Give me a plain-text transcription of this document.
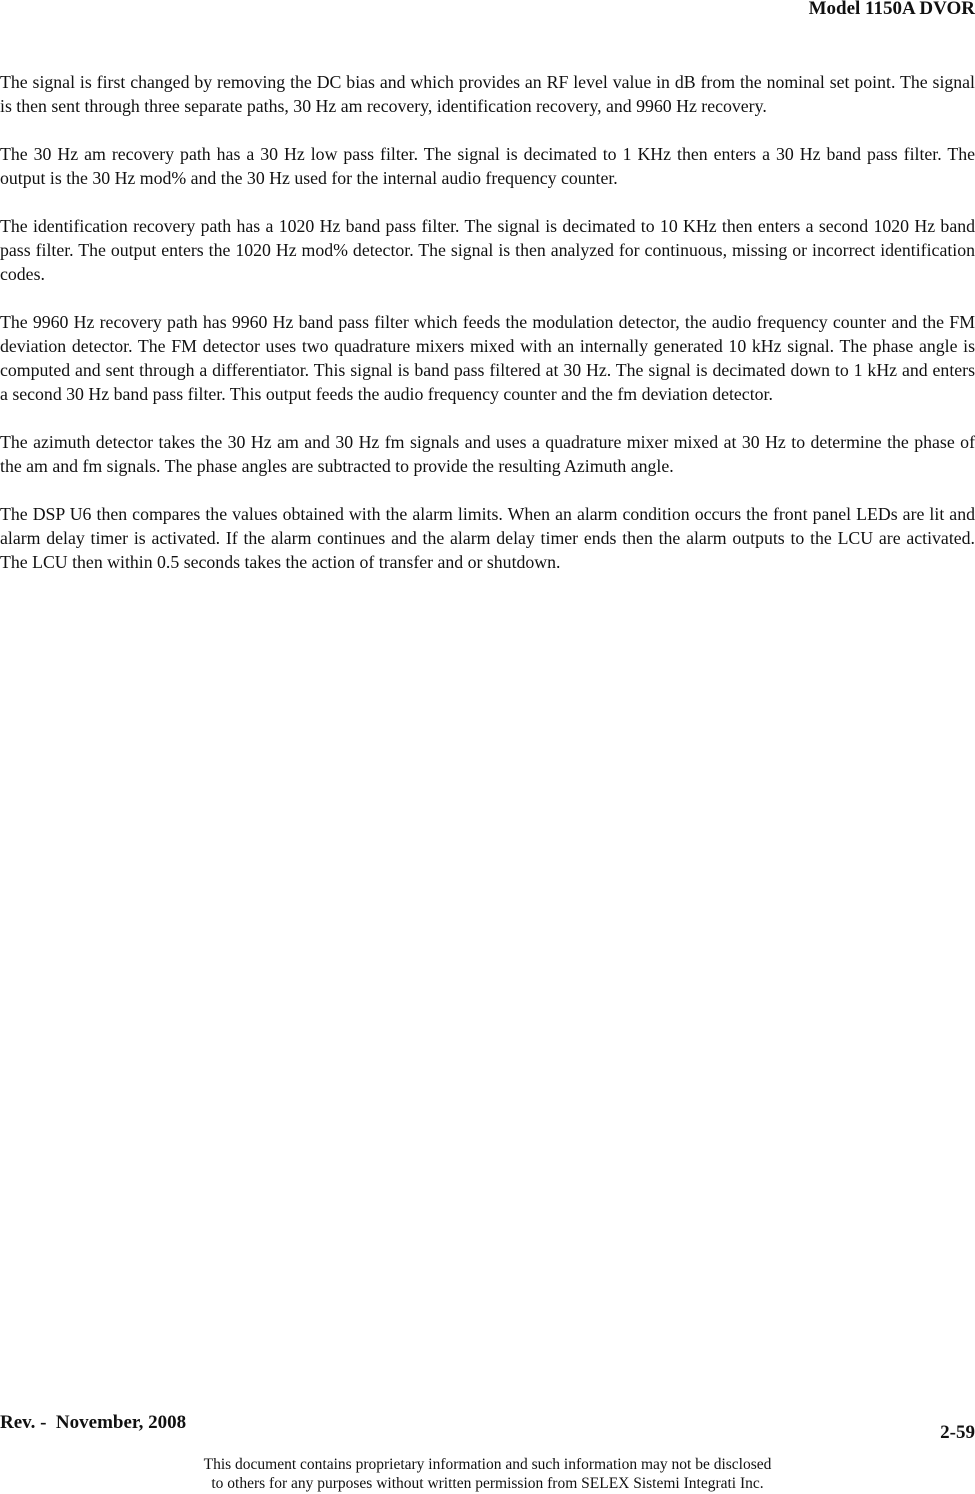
Model 1150A DVOR

The signal is first changed by removing the DC bias and which provides an RF level value in dB from the nominal set point. The signal is then sent through three separate paths, 30 Hz am recovery, identification recovery, and 9960 Hz recovery.

The 30 Hz am recovery path has a 30 Hz low pass filter. The signal is decimated to 1 KHz then enters a 30 Hz band pass filter. The output is the 30 Hz mod% and the 30 Hz used for the internal audio frequency counter.

The identification recovery path has a 1020 Hz band pass filter. The signal is decimated to 10 KHz then enters a second 1020 Hz band pass filter. The output enters the 1020 Hz mod% detector. The signal is then analyzed for continuous, missing or incorrect identification codes.

The 9960 Hz recovery path has 9960 Hz band pass filter which feeds the modulation detector, the audio frequency counter and the FM deviation detector. The FM detector uses two quadrature mixers mixed with an internally generated 10 kHz signal. The phase angle is computed and sent through a differentiator. This signal is band pass filtered at 30 Hz. The signal is decimated down to 1 kHz and enters a second 30 Hz band pass filter. This output feeds the audio frequency counter and the fm deviation detector.

The azimuth detector takes the 30 Hz am and 30 Hz fm signals and uses a quadrature mixer mixed at 30 Hz to determine the phase of the am and fm signals. The phase angles are subtracted to provide the resulting Azimuth angle.

The DSP U6 then compares the values obtained with the alarm limits. When an alarm condition occurs the front panel LEDs are lit and alarm delay timer is activated. If the alarm continues and the alarm delay timer ends then the alarm outputs to the LCU are activated. The LCU then within 0.5 seconds takes the action of transfer and or shutdown.

Rev. -  November, 2008	2-59
This document contains proprietary information and such information may not be disclosed
to others for any purposes without written permission from SELEX Sistemi Integrati Inc.
